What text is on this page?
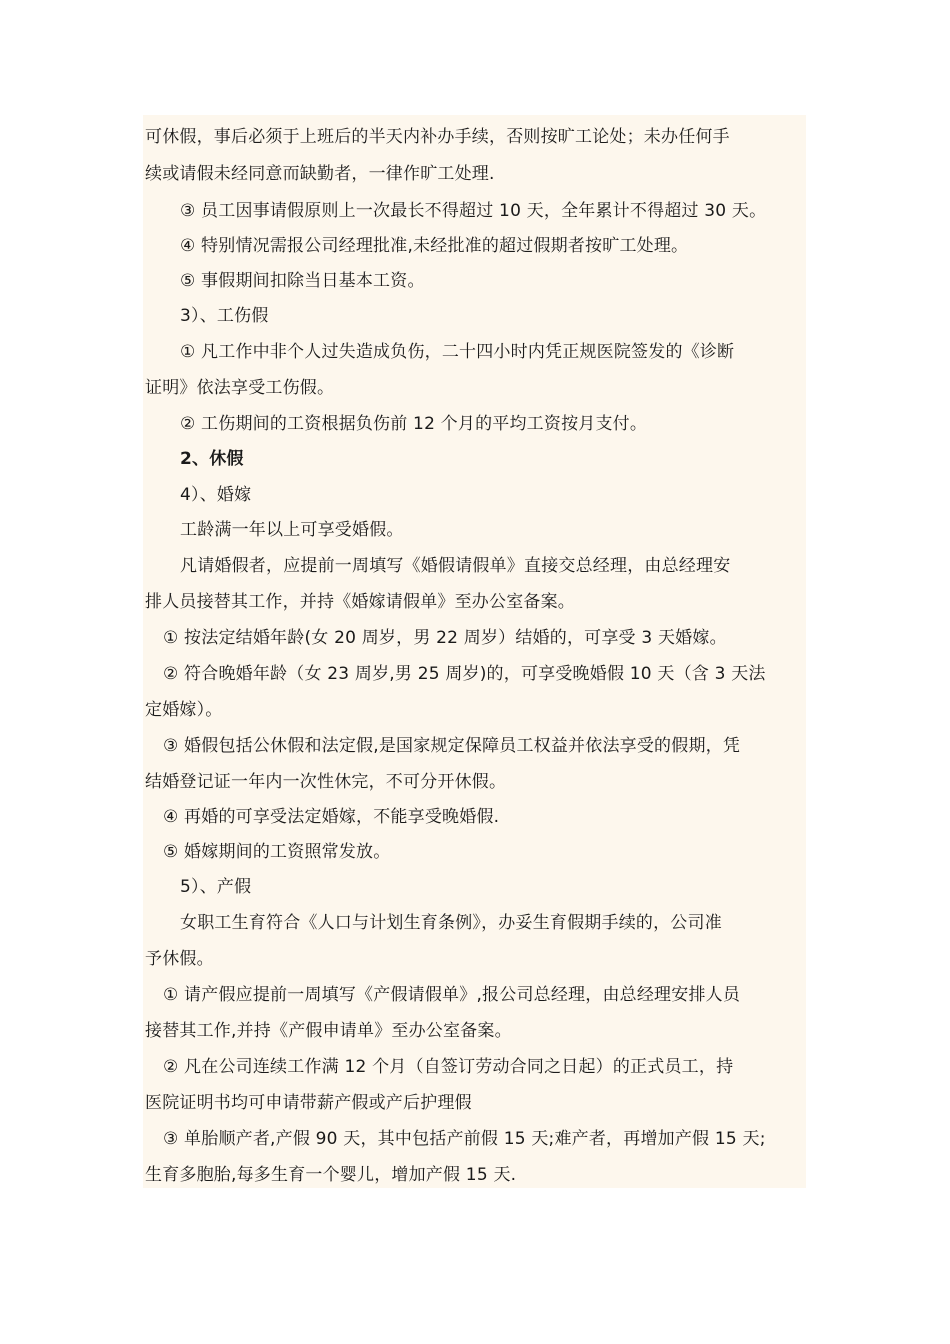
可休假，事后必须于上班后的半天内补办手续，否则按旷工论处；未办任何手
续或请假未经同意而缺勤者，一律作旷工处理.
③ 员工因事请假原则上一次最长不得超过 10 天，全年累计不得超过 30 天。
④ 特别情况需报公司经理批准,未经批准的超过假期者按旷工处理。
⑤ 事假期间扣除当日基本工资。
3）、工伤假
① 凡工作中非个人过失造成负伤，二十四小时内凭正规医院签发的《诊断
证明》依法享受工伤假。
② 工伤期间的工资根据负伤前 12 个月的平均工资按月支付。
2、休假
4）、婚嫁
工龄满一年以上可享受婚假。
凡请婚假者，应提前一周填写《婚假请假单》直接交总经理，由总经理安
排人员接替其工作，并持《婚嫁请假单》至办公室备案。
① 按法定结婚年龄(女 20 周岁，男 22 周岁）结婚的，可享受 3 天婚嫁。
② 符合晚婚年龄（女 23 周岁,男 25 周岁)的，可享受晚婚假 10 天（含 3 天法
定婚嫁）。
③ 婚假包括公休假和法定假,是国家规定保障员工权益并依法享受的假期，凭
结婚登记证一年内一次性休完，不可分开休假。
④ 再婚的可享受法定婚嫁，不能享受晚婚假.
⑤ 婚嫁期间的工资照常发放。
5）、产假
女职工生育符合《人口与计划生育条例》，办妥生育假期手续的，公司准
予休假。
① 请产假应提前一周填写《产假请假单》,报公司总经理，由总经理安排人员
接替其工作,并持《产假申请单》至办公室备案。
② 凡在公司连续工作满 12 个月（自签订劳动合同之日起）的正式员工，持
医院证明书均可申请带薪产假或产后护理假
③ 单胎顺产者,产假 90 天，其中包括产前假 15 天;难产者，再增加产假 15 天;
生育多胞胎,每多生育一个婴儿，增加产假 15 天.
